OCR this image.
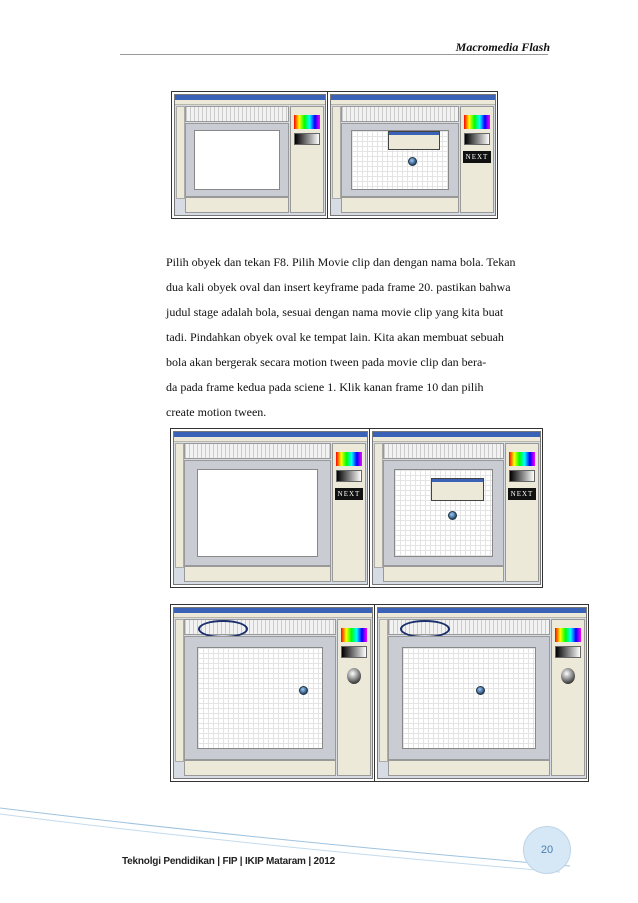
Macromedia Flash
NEXT

Pilih obyek dan tekan F8. Pilih Movie clip dan dengan nama bola. Tekan
dua kali obyek oval dan insert keyframe pada frame 20. pastikan bahwa
judul stage adalah bola, sesuai dengan nama movie clip yang kita buat
tadi. Pindahkan obyek oval ke tempat lain. Kita akan membuat sebuah
bola akan bergerak secara motion tween pada movie clip dan bera-
da pada frame kedua pada sciene 1. Klik kanan frame 10 dan pilih
create motion tween.

NEXT	NEXT
20
Teknolgi Pendidikan | FIP | IKIP Mataram | 2012
